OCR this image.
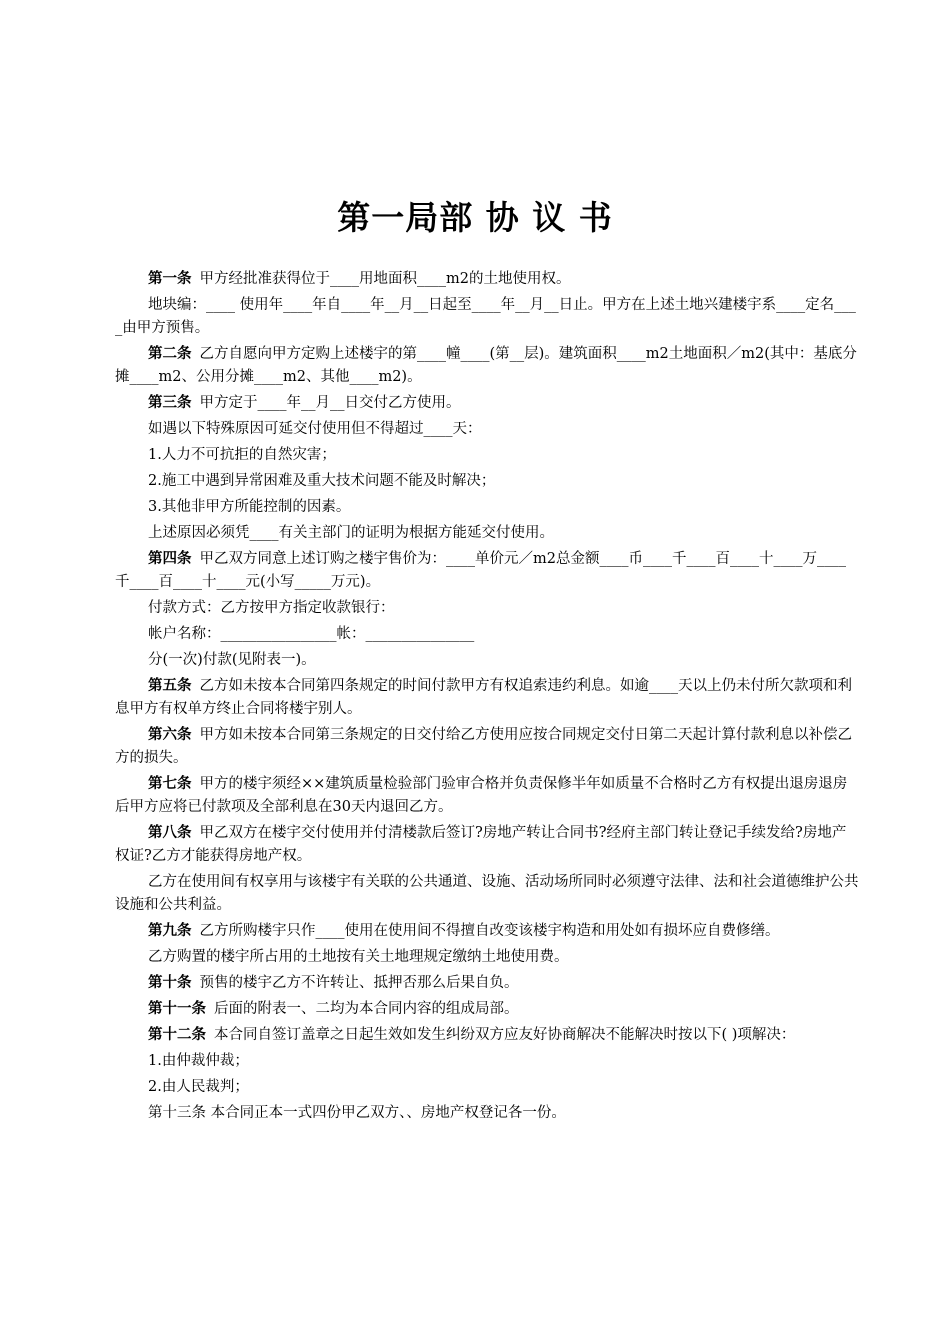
第一局部 协 议 书

第一条 甲方经批准获得位于____用地面积____m2的土地使用权。

地块编：____ 使用年____年自____年__月__日起至____年__月__日止。甲方在上述土地兴建楼宇系____定名____由甲方预售。

第二条 乙方自愿向甲方定购上述楼宇的第____幢____(第__层)。建筑面积____m2土地面积／m2(其中：基底分摊____m2、公用分摊____m2、其他____m2)。

第三条 甲方定于____年__月__日交付乙方使用。

如遇以下特殊原因可延交付使用但不得超过____天：

1.人力不可抗拒的自然灾害；

2.施工中遇到异常困难及重大技术问题不能及时解决；

3.其他非甲方所能控制的因素。

上述原因必须凭____有关主部门的证明为根据方能延交付使用。

第四条 甲乙双方同意上述订购之楼宇售价为：____单价元／m2总金额____币____千____百____十____万____千____百____十____元(小写_____万元)。

付款方式：乙方按甲方指定收款银行：

帐户名称：________________帐：_______________

分(一次)付款(见附表一)。

第五条 乙方如未按本合同第四条规定的时间付款甲方有权追索违约利息。如逾____天以上仍未付所欠款项和利息甲方有权单方终止合同将楼宇别人。

第六条 甲方如未按本合同第三条规定的日交付给乙方使用应按合同规定交付日第二天起计算付款利息以补偿乙方的损失。

第七条 甲方的楼宇须经××建筑质量检验部门验审合格并负责保修半年如质量不合格时乙方有权提出退房退房后甲方应将已付款项及全部利息在30天内退回乙方。

第八条 甲乙双方在楼宇交付使用并付清楼款后签订?房地产转让合同书?经府主部门转让登记手续发给?房地产权证?乙方才能获得房地产权。

乙方在使用间有权享用与该楼宇有关联的公共通道、设施、活动场所同时必须遵守法律、法和社会道德维护公共设施和公共利益。

第九条 乙方所购楼宇只作____使用在使用间不得擅自改变该楼宇构造和用处如有损坏应自费修缮。

乙方购置的楼宇所占用的土地按有关土地理规定缴纳土地使用费。

第十条 预售的楼宇乙方不许转让、抵押否那么后果自负。

第十一条 后面的附表一、二均为本合同内容的组成局部。

第十二条 本合同自签订盖章之日起生效如发生纠纷双方应友好协商解决不能解决时按以下( )项解决：

1.由仲裁仲裁；

2.由人民裁判；

第十三条 本合同正本一式四份甲乙双方、、房地产权登记各一份。
